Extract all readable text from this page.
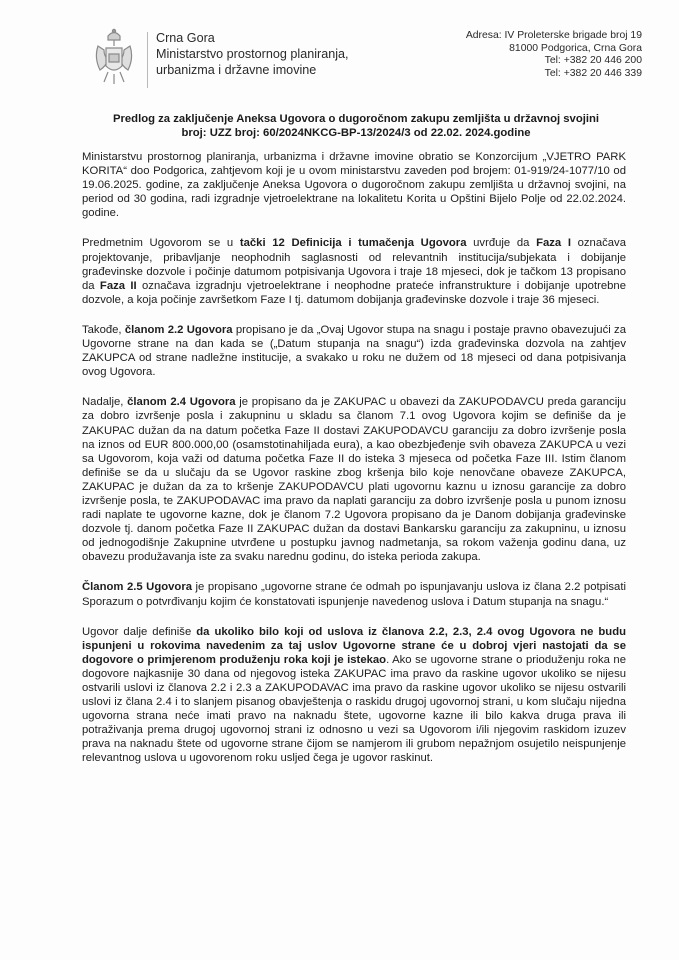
Crna Gora
Ministarstvo prostornog planiranja,
urbanizma i državne imovine
Adresa: IV Proleterske brigade broj 19
81000 Podgorica, Crna Gora
Tel: +382 20 446 200
Tel: +382 20 446 339
Predlog za zaključenje Aneksa Ugovora o dugoročnom zakupu zemljišta u državnoj svojini
broj: UZZ broj: 60/2024NKCG-BP-13/2024/3 od 22.02. 2024.godine

Ministarstvu prostornog planiranja, urbanizma i državne imovine obratio se Konzorcijum „VJETRO PARK KORITA“ doo Podgorica, zahtjevom koji je u ovom ministarstvu zaveden pod brojem: 01-919/24-1077/10 od 19.06.2025. godine, za zaključenje Aneksa Ugovora o dugoročnom zakupu zemljišta u državnoj svojini, na period od 30 godina, radi izgradnje vjetroelektrane na lokalitetu Korita u Opštini Bijelo Polje od 22.02.2024. godine.

Predmetnim Ugovorom se u tački 12 Definicija i tumačenja Ugovora uvrđuje da Faza I označava projektovanje, pribavljanje neophodnih saglasnosti od relevantnih institucija/subjekata i dobijanje građevinske dozvole i počinje datumom potpisivanja Ugovora i traje 18 mjeseci, dok je tačkom 13 propisano da Faza II označava izgradnju vjetroelektrane i neophodne prateće infranstrukture i dobijanje upotrebne dozvole, a koja počinje završetkom Faze I tj. datumom dobijanja građevinske dozvole i traje 36 mjeseci.

Takođe, članom 2.2 Ugovora propisano je da „Ovaj Ugovor stupa na snagu i postaje pravno obavezujući za Ugovorne strane na dan kada se („Datum stupanja na snagu“) izda građevinska dozvola na zahtjev ZAKUPCA od strane nadležne institucije, a svakako u roku ne dužem od 18 mjeseci od dana potpisivanja ovog Ugovora.

Nadalje, članom 2.4 Ugovora je propisano da je ZAKUPAC u obavezi da ZAKUPODAVCU preda garanciju za dobro izvršenje posla i zakupninu u skladu sa članom 7.1 ovog Ugovora kojim se definiše da je ZAKUPAC dužan da na datum početka Faze II dostavi ZAKUPODAVCU garanciju za dobro izvršenje posla na iznos od EUR 800.000,00 (osamstotinahiljada eura), a kao obezbjeđenje svih obaveza ZAKUPCA u vezi sa Ugovorom, koja važi od datuma početka Faze II do isteka 3 mjeseca od početka Faze III. Istim članom definiše se da u slučaju da se Ugovor raskine zbog kršenja bilo koje nenovčane obaveze ZAKUPCA, ZAKUPAC je dužan da za to kršenje ZAKUPODAVCU plati ugovornu kaznu u iznosu garancije za dobro izvršenje posla, te ZAKUPODAVAC ima pravo da naplati garanciju za dobro izvršenje posla u punom iznosu radi naplate te ugovorne kazne, dok je članom 7.2 Ugovora propisano da je Danom dobijanja građevinske dozvole tj. danom početka Faze II ZAKUPAC dužan da dostavi Bankarsku garanciju za zakupninu, u iznosu od jednogodišnje Zakupnine utvrđene u postupku javnog nadmetanja, sa rokom važenja godinu dana, uz obavezu produžavanja iste za svaku narednu godinu, do isteka perioda zakupa.

Članom 2.5 Ugovora je propisano „ugovorne strane će odmah po ispunjavanju uslova iz člana 2.2 potpisati Sporazum o potvrđivanju kojim će konstatovati ispunjenje navedenog uslova i Datum stupanja na snagu.“

Ugovor dalje definiše da ukoliko bilo koji od uslova iz članova 2.2, 2.3, 2.4 ovog Ugovora ne budu ispunjeni u rokovima navedenim za taj uslov Ugovorne strane će u dobroj vjeri nastojati da se dogovore o primjerenom produženju roka koji je istekao. Ako se ugovorne strane o prioduženju roka ne dogovore najkasnije 30 dana od njegovog isteka ZAKUPAC ima pravo da raskine ugovor ukoliko se nijesu ostvarili uslovi iz članova 2.2 i 2.3 a ZAKUPODAVAC ima pravo da raskine ugovor ukoliko se nijesu ostvarili uslovi iz člana 2.4 i to slanjem pisanog obavještenja o raskidu drugoj ugovornoj strani, u kom slučaju nijedna ugovorna strana neće imati pravo na naknadu štete, ugovorne kazne ili bilo kakva druga prava ili potraživanja prema drugoj ugovornoj strani iz odnosno u vezi sa Ugovorom i/ili njegovim raskidom izuzev prava na naknadu štete od ugovorne strane čijom se namjerom ili grubom nepažnjom osujetilo neispunjenje relevantnog uslova u ugovorenom roku usljed čega je ugovor raskinut.
